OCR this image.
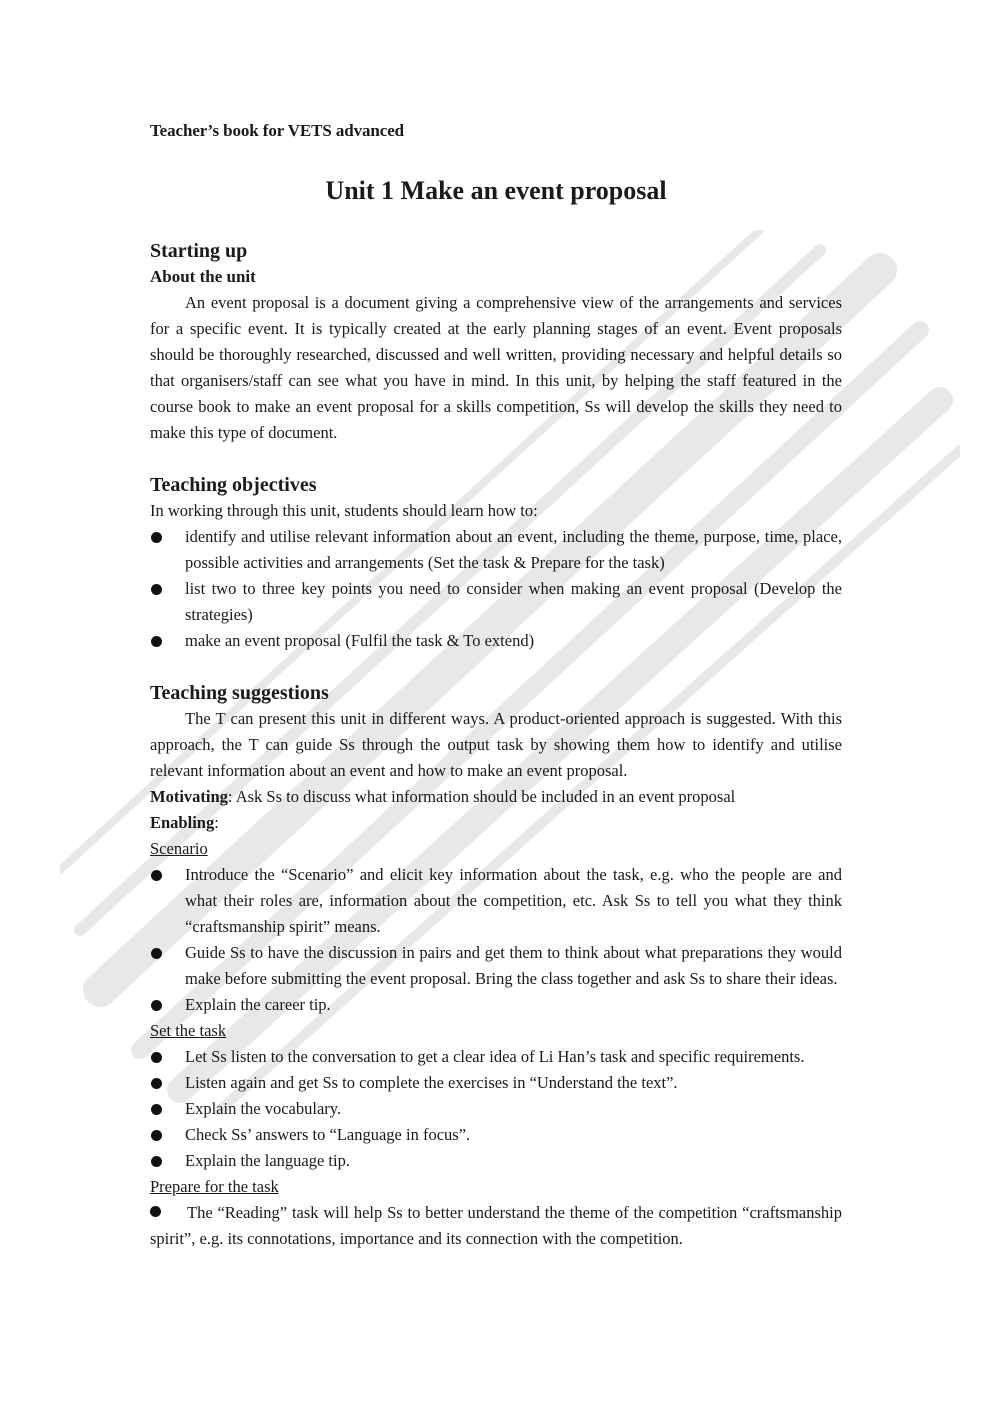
Teacher’s book for VETS advanced
Unit 1 Make an event proposal
Starting up
About the unit

An event proposal is a document giving a comprehensive view of the arrangements and services for a specific event. It is typically created at the early planning stages of an event. Event proposals should be thoroughly researched, discussed and well written, providing necessary and helpful details so that organisers/staff can see what you have in mind. In this unit, by helping the staff featured in the course book to make an event proposal for a skills competition, Ss will develop the skills they need to make this type of document.

Teaching objectives

In working through this unit, students should learn how to:

identify and utilise relevant information about an event, including the theme, purpose, time, place, possible activities and arrangements (Set the task & Prepare for the task)
list two to three key points you need to consider when making an event proposal (Develop the strategies)
make an event proposal (Fulfil the task & To extend)
Teaching suggestions

The T can present this unit in different ways. A product-oriented approach is suggested. With this approach, the T can guide Ss through the output task by showing them how to identify and utilise relevant information about an event and how to make an event proposal.

Motivating: Ask Ss to discuss what information should be included in an event proposal

Enabling:

Scenario
Introduce the “Scenario” and elicit key information about the task, e.g. who the people are and what their roles are, information about the competition, etc. Ask Ss to tell you what they think “craftsmanship spirit” means.
Guide Ss to have the discussion in pairs and get them to think about what preparations they would make before submitting the event proposal. Bring the class together and ask Ss to share their ideas.
Explain the career tip.
Set the task
Let Ss listen to the conversation to get a clear idea of Li Han’s task and specific requirements.
Listen again and get Ss to complete the exercises in “Understand the text”.
Explain the vocabulary.
Check Ss’ answers to “Language in focus”.
Explain the language tip.
Prepare for the task

The “Reading” task will help Ss to better understand the theme of the competition “craftsmanship spirit”, e.g. its connotations, importance and its connection with the competition.
